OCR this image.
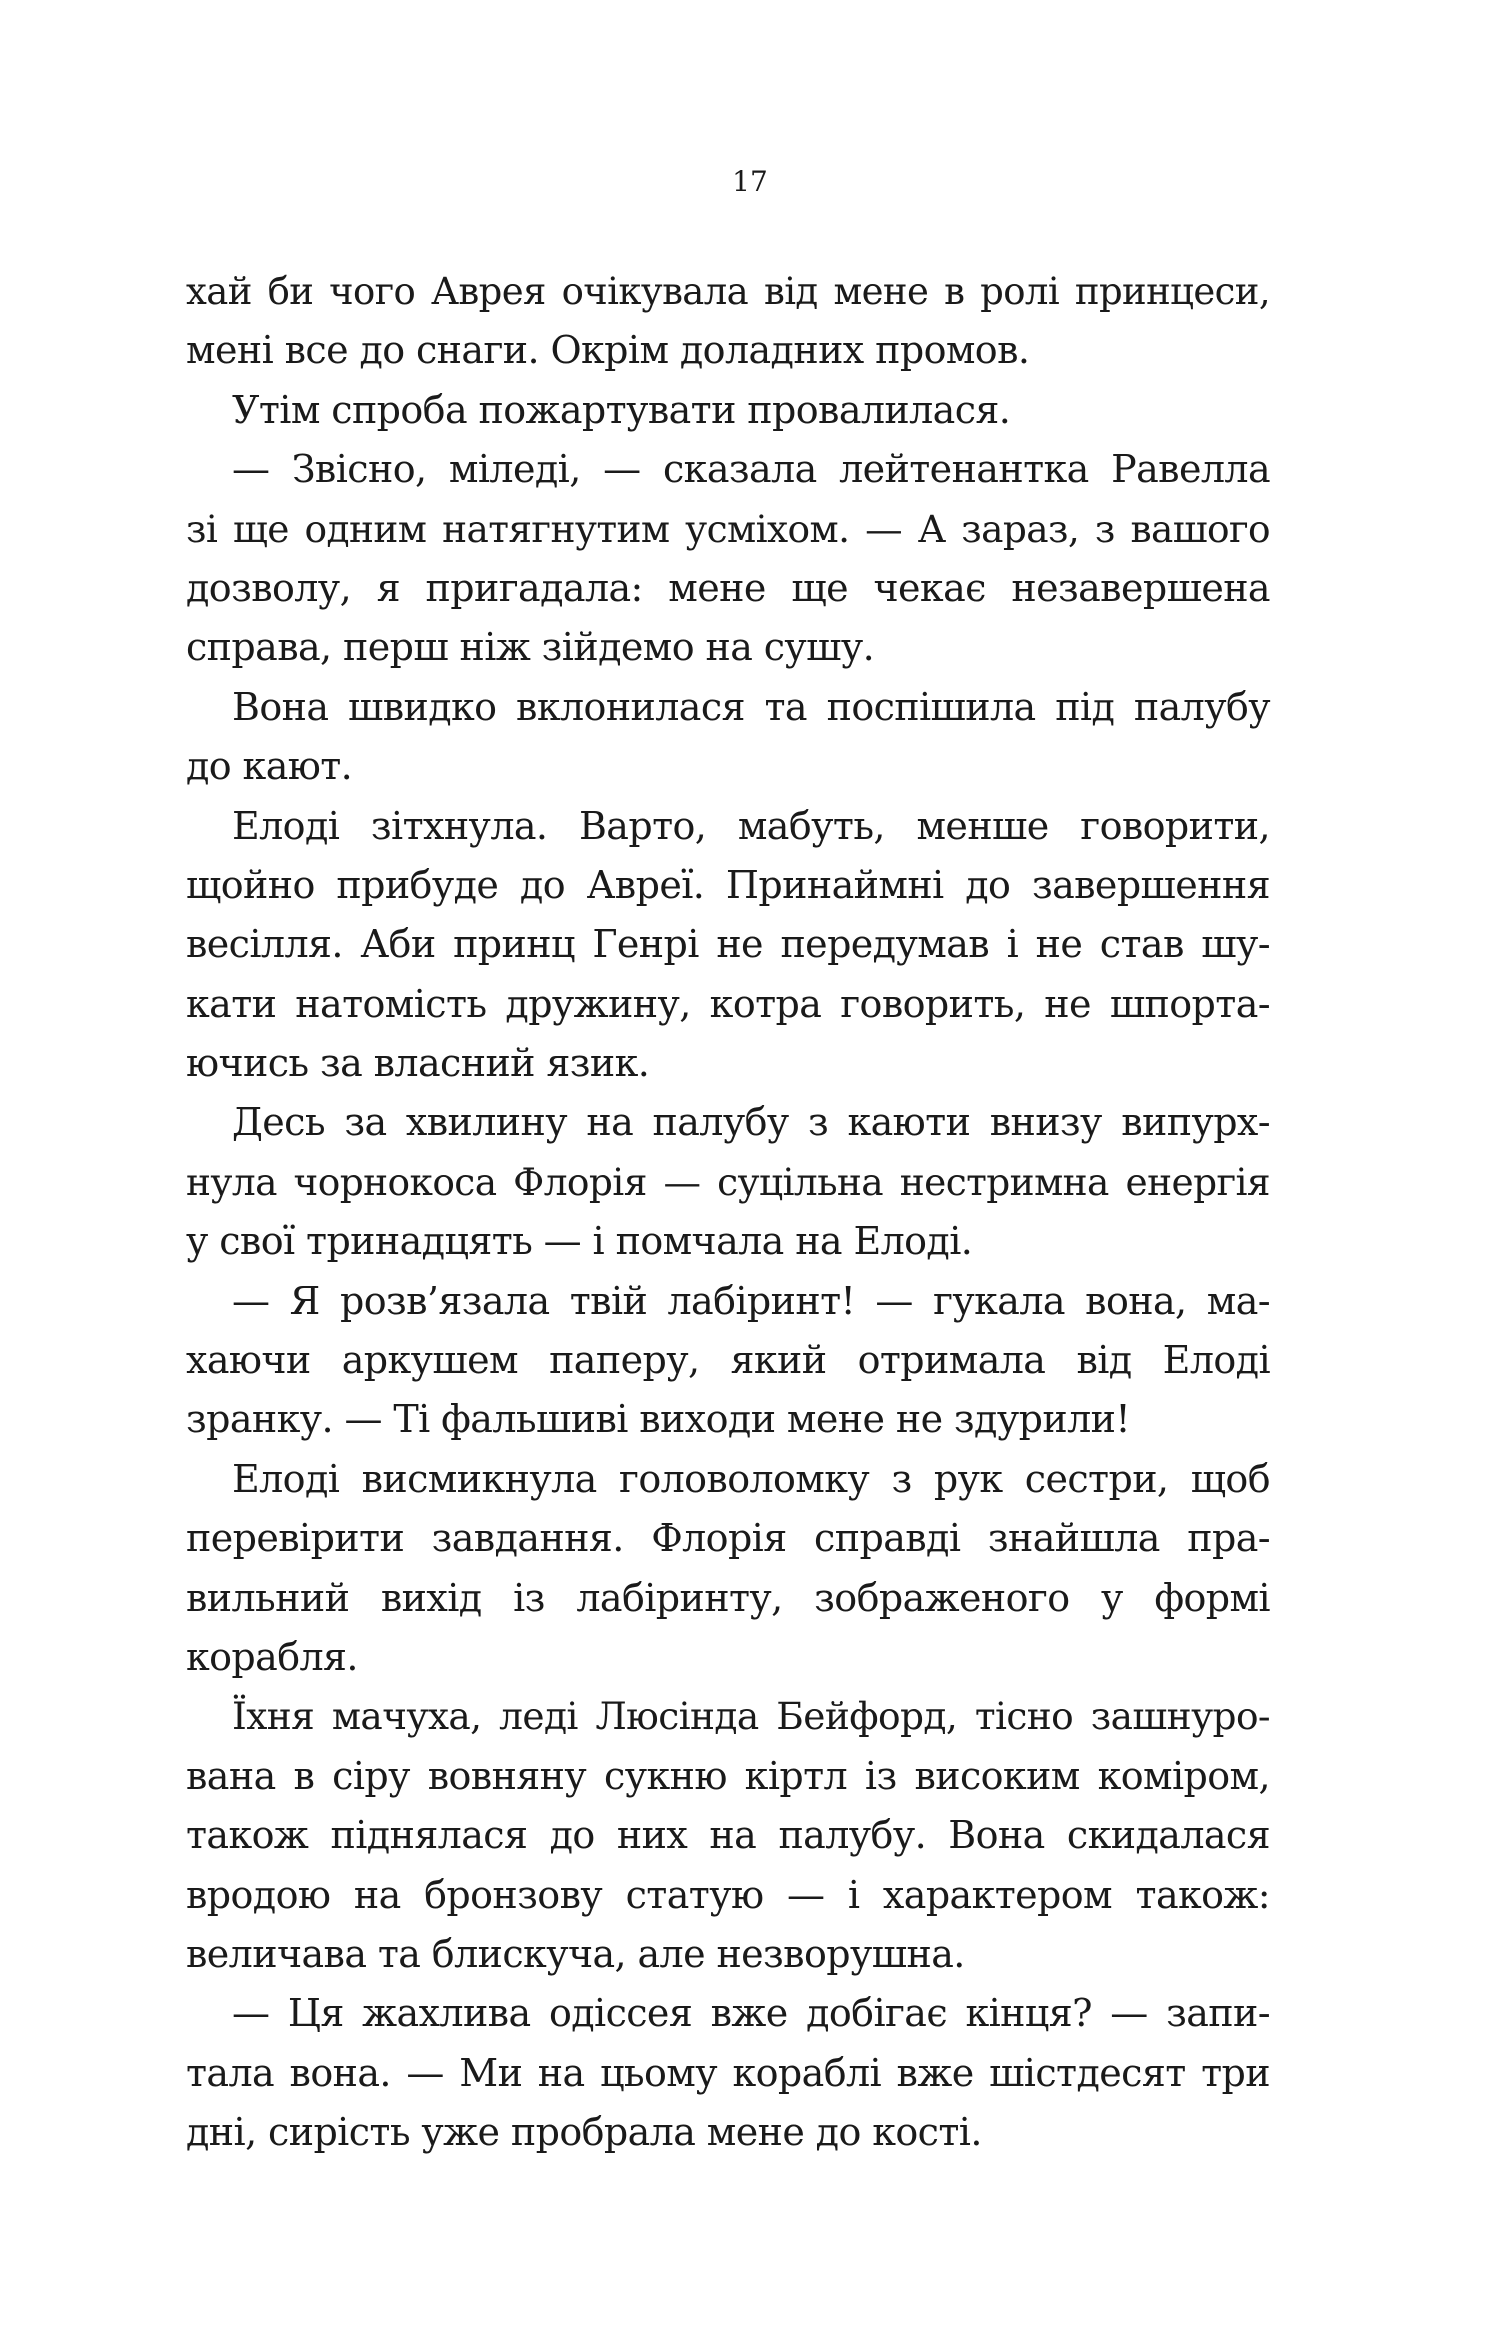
17
хай би чого Аврея очікувала від мене в ролі принцеси,
мені все до снаги. Окрім доладних промов.
Утім спроба пожартувати провалилася.
— Звісно, міледі, — сказала лейтенантка Равелла
зі ще одним натягнутим усміхом. — А зараз, з вашого
дозволу, я пригадала: мене ще чекає незавершена
справа, перш ніж зійдемо на сушу.
Вона швидко вклонилася та поспішила під палубу
до кают.
Елоді зітхнула. Варто, мабуть, менше говорити,
щойно прибуде до Авреї. Принаймні до завершення
весілля. Аби принц Генрі не передумав і не став шу-
кати натомість дружину, котра говорить, не шпорта-
ючись за власний язик.
Десь за хвилину на палубу з каюти внизу випурх-
нула чорнокоса Флорія — суцільна нестримна енергія
у свої тринадцять — і помчала на Елоді.
— Я розв’язала твій лабіринт! — гукала вона, ма-
хаючи аркушем паперу, який отримала від Елоді
зранку. — Ті фальшиві виходи мене не здурили!
Елоді висмикнула головоломку з рук сестри, щоб
перевірити завдання. Флорія справді знайшла пра-
вильний вихід із лабіринту, зображеного у формі
корабля.
Їхня мачуха, леді Люсінда Бейфорд, тісно зашнуро-
вана в сіру вовняну сукню кіртл із високим коміром,
також піднялася до них на палубу. Вона скидалася
вродою на бронзову статую — і характером також:
величава та блискуча, але незворушна.
— Ця жахлива одіссея вже добігає кінця? — запи-
тала вона. — Ми на цьому кораблі вже шістдесят три
дні, сирість уже пробрала мене до кості.
